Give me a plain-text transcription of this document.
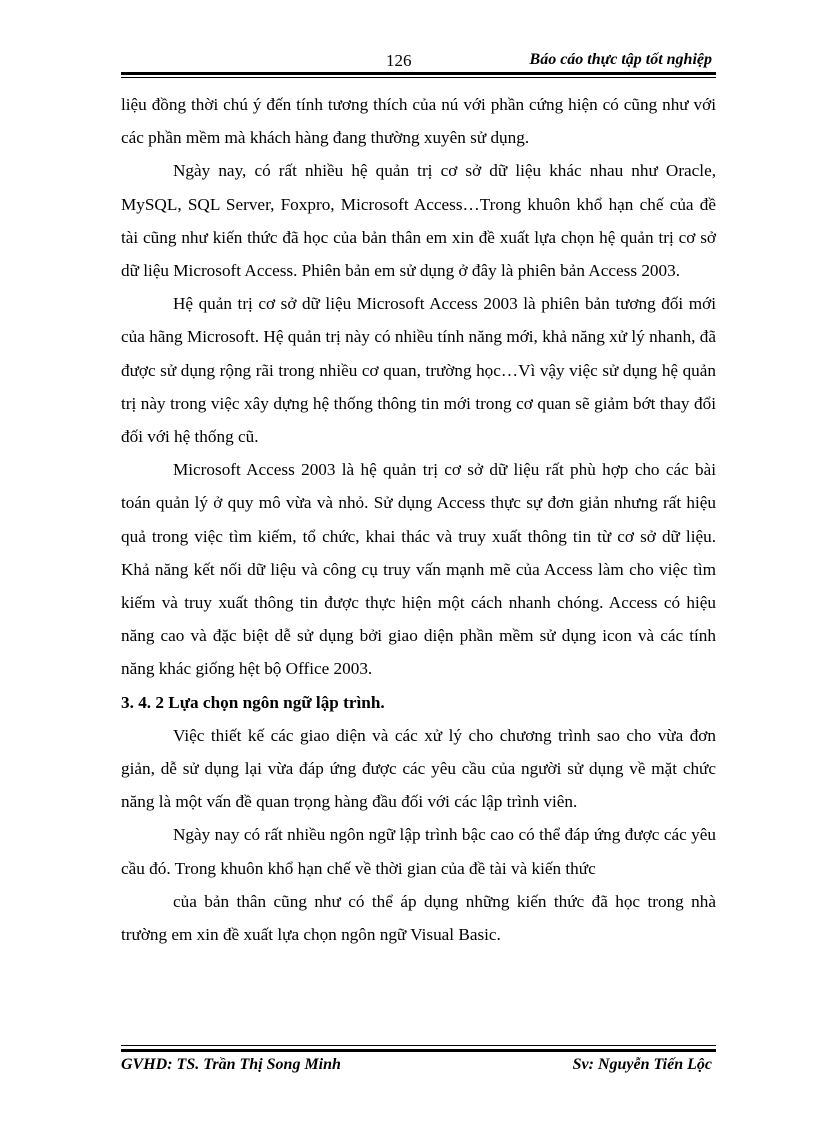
126	Báo cáo thực tập tốt nghiệp

liệu đồng thời chú ý đến tính tương thích của nú với phần cứng hiện có cũng như với các phần mềm mà khách hàng đang thường xuyên sử dụng.

Ngày nay, có rất nhiều hệ quản trị cơ sở dữ liệu khác nhau như Oracle, MySQL, SQL Server, Foxpro, Microsoft Access…Trong khuôn khổ hạn chế của đề tài cũng như kiến thức đã học của bản thân em xin đề xuất lựa chọn hệ quản trị cơ sở dữ liệu Microsoft Access. Phiên bản em sử dụng ở đây là phiên bản Access 2003.

Hệ quản trị cơ sở dữ liệu Microsoft Access 2003 là phiên bản tương đối mới của hãng Microsoft. Hệ quản trị này có nhiều tính năng mới, khả năng xử lý nhanh, đã được sử dụng rộng rãi trong nhiều cơ quan, trường học…Vì vậy việc sử dụng hệ quản trị này trong việc xây dựng hệ thống thông tin mới trong cơ quan sẽ giảm bớt thay đổi đối với hệ thống cũ.

Microsoft Access 2003 là hệ quản trị cơ sở dữ liệu rất phù hợp cho các bài toán quản lý ở quy mô vừa và nhỏ. Sử dụng Access thực sự đơn giản nhưng rất hiệu quả trong việc tìm kiếm, tổ chức, khai thác và truy xuất thông tin từ cơ sở dữ liệu. Khả năng kết nối dữ liệu và công cụ truy vấn mạnh mẽ của Access làm cho việc tìm kiếm và truy xuất thông tin được thực hiện một cách nhanh chóng. Access có hiệu năng cao và đặc biệt dễ sử dụng bởi giao diện phần mềm sử dụng icon và các tính năng khác giống hệt bộ Office 2003.

3. 4. 2 Lựa chọn ngôn ngữ lập trình.

Việc thiết kế các giao diện và các xử lý cho chương trình sao cho vừa đơn giản, dễ sử dụng lại vừa đáp ứng được các yêu cầu của người sử dụng về mặt chức năng là một vấn đề quan trọng hàng đầu đối với các lập trình viên.

Ngày nay có rất nhiều ngôn ngữ lập trình bậc cao có thể đáp ứng được các yêu cầu đó. Trong khuôn khổ hạn chế về thời gian của đề tài và kiến thức

của bản thân cũng như có thể áp dụng những kiến thức đã học trong nhà trường em xin đề xuất lựa chọn ngôn ngữ Visual Basic.

GVHD: TS. Trần Thị Song Minh	Sv: Nguyễn Tiến Lộc
